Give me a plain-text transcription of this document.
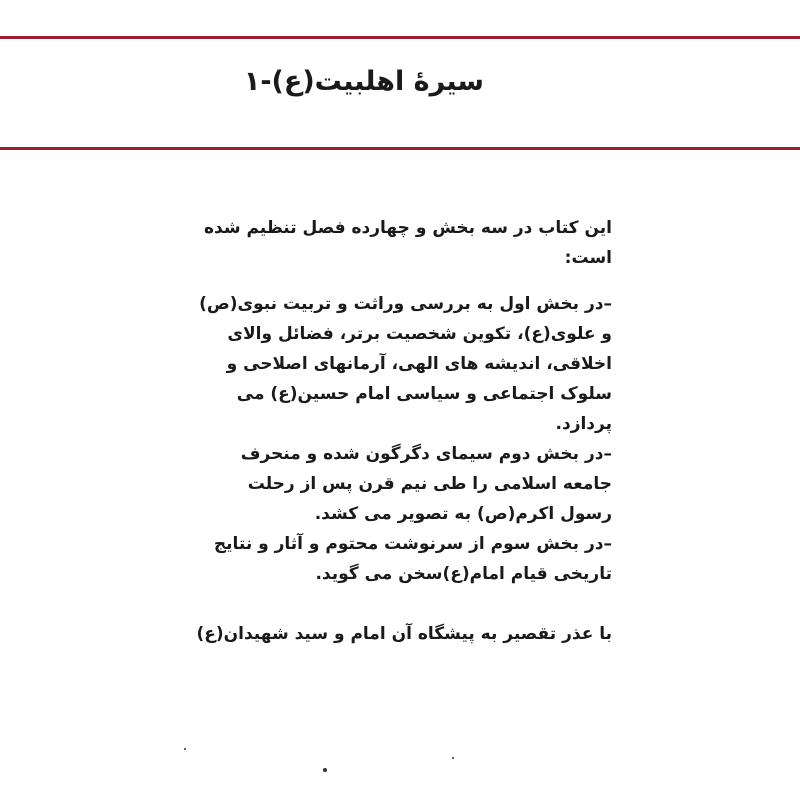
سیرهٔ اهلبیت(ع)-۱

این کتاب در سه بخش و چهارده فصل تنظیم شده است:

–در بخش اول به بررسی وراثت و تربیت نبوی(ص) و علوی(ع)، تکوین شخصیت برتر، فضائل والای اخلاقی، اندیشه های الهی، آرمانهای اصلاحی و سلوک اجتماعی و سیاسی امام حسین(ع) می پردازد.

–در بخش دوم سیمای دگرگون شده و منحرف جامعه اسلامی را طی نیم قرن پس از رحلت رسول اکرم(ص) به تصویر می کشد.

–در بخش سوم از سرنوشت محتوم و آثار و نتایج تاریخی قیام امام(ع)سخن می گوید.

با عذر تقصیر به پیشگاه آن امام و سید شهیدان(ع)
